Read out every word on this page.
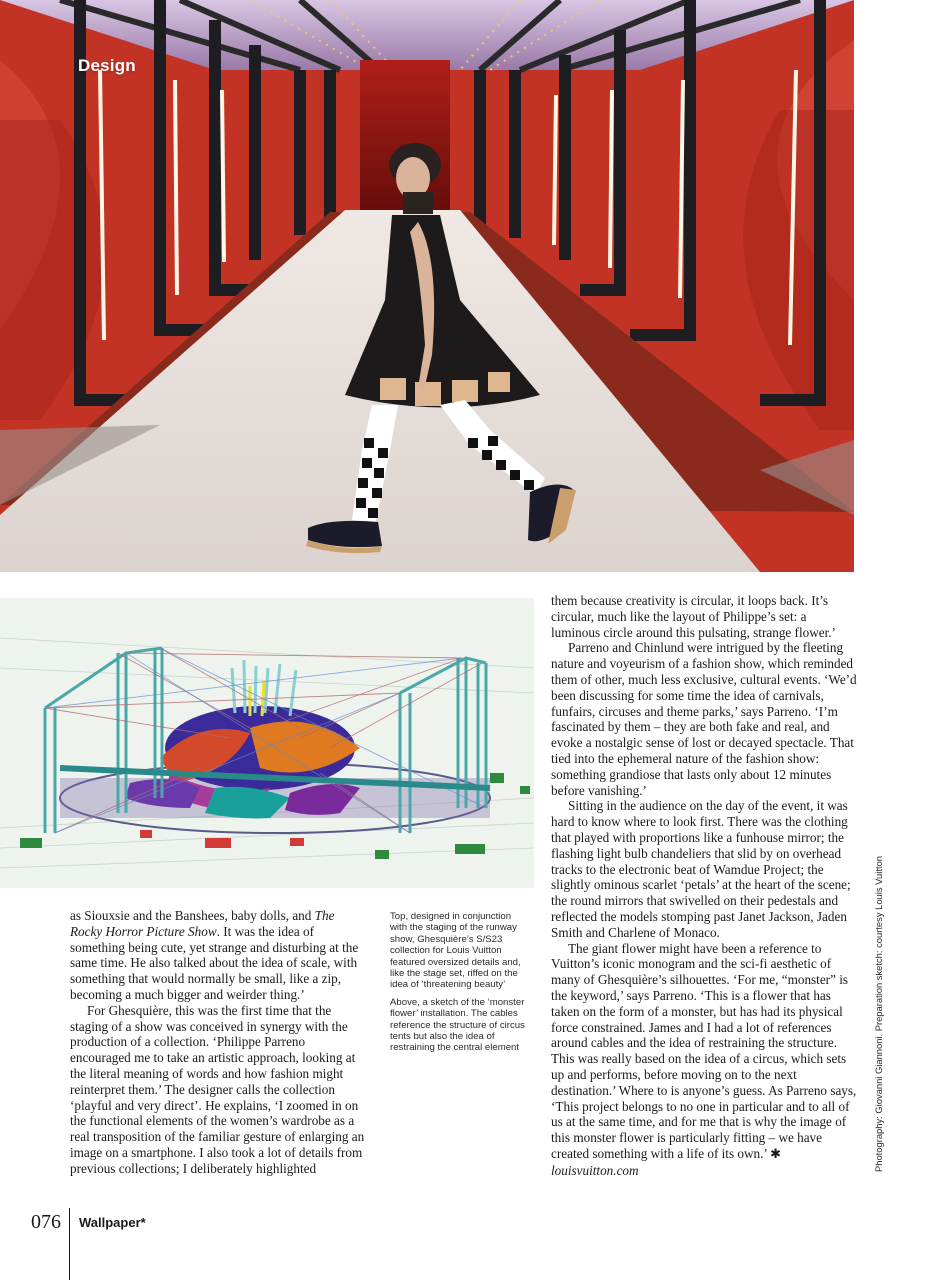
Design

as Siouxsie and the Banshees, baby dolls, and The Rocky Horror Picture Show. It was the idea of something being cute, yet strange and disturbing at the same time. He also talked about the idea of scale, with something that would normally be small, like a zip, becoming a much bigger and weirder thing.’

For Ghesquière, this was the first time that the staging of a show was conceived in synergy with the production of a collection. ‘Philippe Parreno encouraged me to take an artistic approach, looking at the literal meaning of words and how fashion might reinterpret them.’ The designer calls the collection ‘playful and very direct’. He explains, ‘I zoomed in on the functional elements of the women’s wardrobe as a real transposition of the familiar gesture of enlarging an image on a smartphone. I also took a lot of details from previous collections; I deliberately highlighted

Top, designed in conjunction with the staging of the runway show, Ghesquière’s S/S23 collection for Louis Vuitton featured oversized details and, like the stage set, riffed on the idea of ‘threatening beauty’

Above, a sketch of the ‘monster flower’ installation. The cables reference the structure of circus tents but also the idea of restraining the central element

them because creativity is circular, it loops back. It’s circular, much like the layout of Philippe’s set: a luminous circle around this pulsating, strange flower.’

Parreno and Chinlund were intrigued by the fleeting nature and voyeurism of a fashion show, which reminded them of other, much less exclusive, cultural events. ‘We’d been discussing for some time the idea of carnivals, funfairs, circuses and theme parks,’ says Parreno. ‘I’m fascinated by them – they are both fake and real, and evoke a nostalgic sense of lost or decayed spectacle. That tied into the ephemeral nature of the fashion show: something grandiose that lasts only about 12 minutes before vanishing.’

Sitting in the audience on the day of the event, it was hard to know where to look first. There was the clothing that played with proportions like a funhouse mirror; the flashing light bulb chandeliers that slid by on overhead tracks to the electronic beat of Wamdue Project; the slightly ominous scarlet ‘petals’ at the heart of the scene; the round mirrors that swivelled on their pedestals and reflected the models stomping past Janet Jackson, Jaden Smith and Charlene of Monaco.

The giant flower might have been a reference to Vuitton’s iconic monogram and the sci-fi aesthetic of many of Ghesquière’s silhouettes. ‘For me, “monster” is the keyword,’ says Parreno. ‘This is a flower that has taken on the form of a monster, but has had its physical force constrained. James and I had a lot of references around cables and the idea of restraining the structure. This was really based on the idea of a circus, which sets up and performs, before moving on to the next destination.’ Where to is anyone’s guess. As Parreno says, ‘This project belongs to no one in particular and to all of us at the same time, and for me that is why the image of this monster flower is particularly fitting – we have created something with a life of its own.’ ✱
louisvuitton.com	Photography: Giovanni Giannoni. Preparation sketch: courtesy Louis Vuitton
076 Wallpaper*
